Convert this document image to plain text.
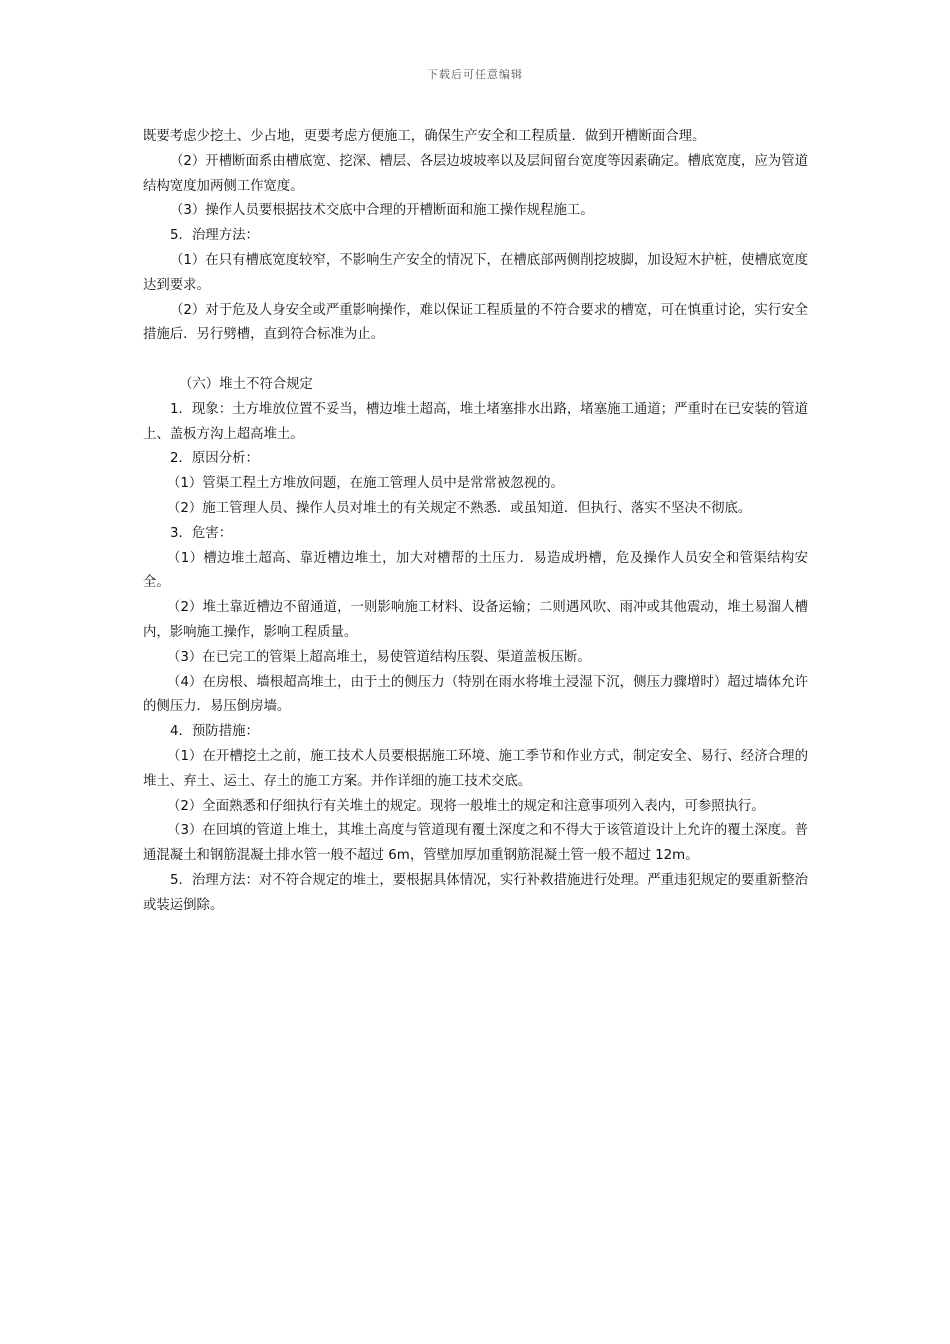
下载后可任意编辑

既要考虑少挖土、少占地，更要考虑方便施工，确保生产安全和工程质量．做到开槽断面合理。

（2）开槽断面系由槽底宽、挖深、槽层、各层边坡坡率以及层间留台宽度等因素确定。槽底宽度，应为管道结构宽度加两侧工作宽度。

（3）操作人员要根据技术交底中合理的开槽断面和施工操作规程施工。

5．治理方法：

（1）在只有槽底宽度较窄，不影响生产安全的情况下，在槽底部两侧削挖坡脚，加设短木护桩，使槽底宽度达到要求。

（2）对于危及人身安全或严重影响操作，难以保证工程质量的不符合要求的槽宽，可在慎重讨论，实行安全措施后．另行劈槽，直到符合标准为止。

（六）堆土不符合规定

1．现象：土方堆放位置不妥当，槽边堆土超高，堆土堵塞排水出路，堵塞施工通道；严重时在已安装的管道上、盖板方沟上超高堆土。

2．原因分析：

（1）管渠工程土方堆放问题，在施工管理人员中是常常被忽视的。

（2）施工管理人员、操作人员对堆土的有关规定不熟悉．或虽知道．但执行、落实不坚决不彻底。

3．危害：

（1）槽边堆土超高、靠近槽边堆土，加大对槽帮的土压力．易造成坍槽，危及操作人员安全和管渠结构安全。

（2）堆土靠近槽边不留通道，一则影响施工材料、设备运输；二则遇风吹、雨冲或其他震动，堆土易溜人槽内，影响施工操作，影响工程质量。

（3）在已完工的管渠上超高堆土，易使管道结构压裂、渠道盖板压断。

（4）在房根、墙根超高堆土，由于土的侧压力（特别在雨水将堆土浸湿下沉，侧压力骤增时）超过墙体允许的侧压力．易压倒房墙。

4．预防措施：

（1）在开槽挖土之前，施工技术人员要根据施工环境、施工季节和作业方式，制定安全、易行、经济合理的堆土、弃土、运土、存土的施工方案。并作详细的施工技术交底。

（2）全面熟悉和仔细执行有关堆土的规定。现将一般堆土的规定和注意事项列入表内，可参照执行。

（3）在回填的管道上堆土，其堆土高度与管道现有覆土深度之和不得大于该管道设计上允许的覆土深度。普通混凝土和钢筋混凝土排水管一般不超过 6m，管壁加厚加重钢筋混凝土管一般不超过 12m。

5．治理方法：对不符合规定的堆土，要根据具体情况，实行补救措施进行处理。严重违犯规定的要重新整治或装运倒除。
